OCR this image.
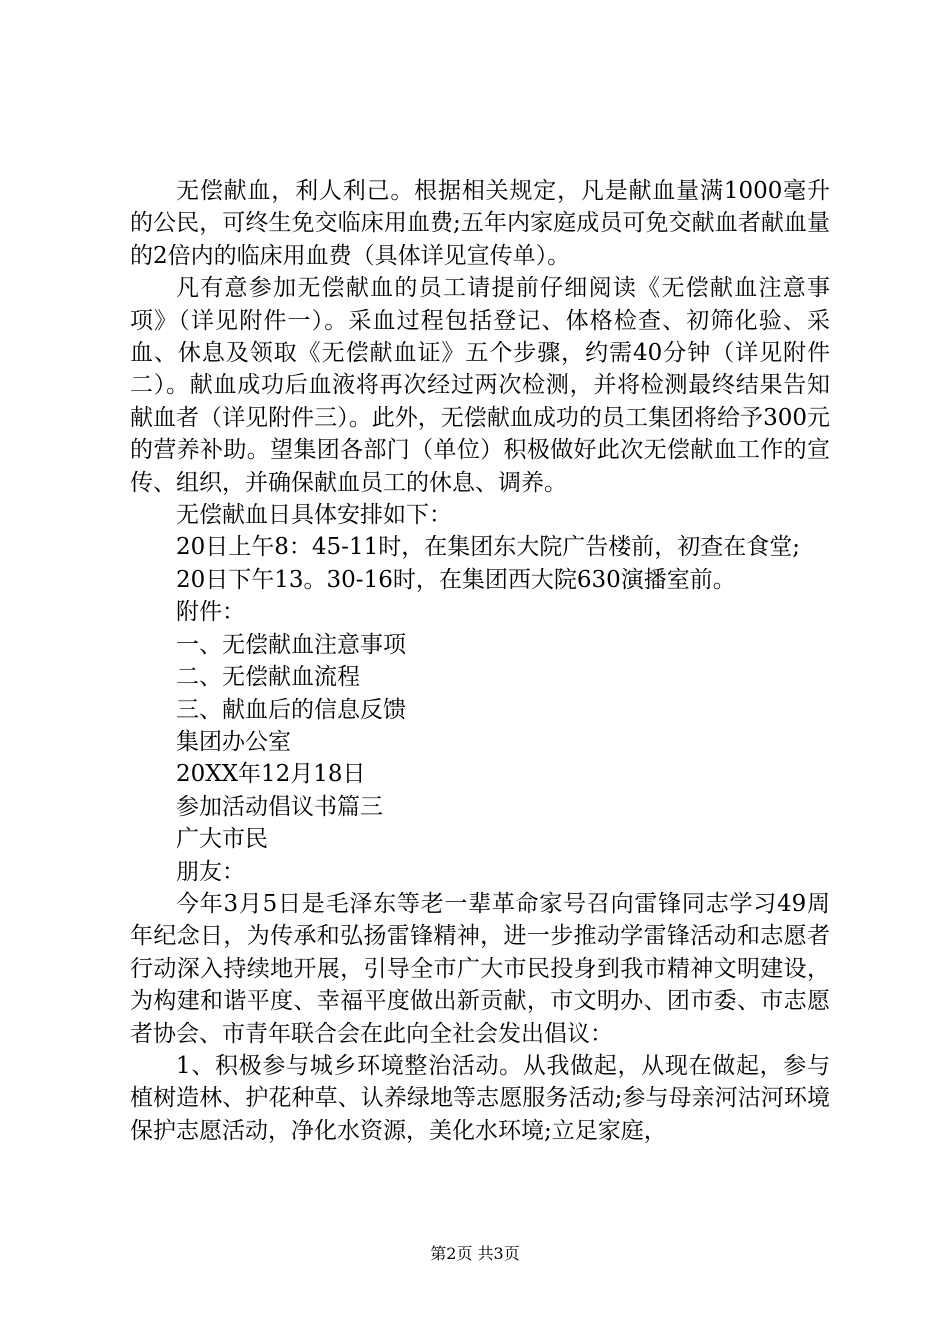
无偿献血，利人利己。根据相关规定，凡是献血量满1000毫升的公民，可终生免交临床用血费;五年内家庭成员可免交献血者献血量的2倍内的临床用血费（具体详见宣传单）。

凡有意参加无偿献血的员工请提前仔细阅读《无偿献血注意事项》（详见附件一）。采血过程包括登记、体格检查、初筛化验、采血、休息及领取《无偿献血证》五个步骤，约需40分钟（详见附件二）。献血成功后血液将再次经过两次检测，并将检测最终结果告知献血者（详见附件三）。此外，无偿献血成功的员工集团将给予300元的营养补助。望集团各部门（单位）积极做好此次无偿献血工作的宣传、组织，并确保献血员工的休息、调养。

无偿献血日具体安排如下：

20日上午8：45-11时，在集团东大院广告楼前，初查在食堂;

20日下午13。30-16时，在集团西大院630演播室前。

附件：

一、无偿献血注意事项

二、无偿献血流程

三、献血后的信息反馈

集团办公室

20XX年12月18日

参加活动倡议书篇三

广大市民

朋友：

今年3月5日是毛泽东等老一辈革命家号召向雷锋同志学习49周年纪念日，为传承和弘扬雷锋精神，进一步推动学雷锋活动和志愿者行动深入持续地开展，引导全市广大市民投身到我市精神文明建设，为构建和谐平度、幸福平度做出新贡献，市文明办、团市委、市志愿者协会、市青年联合会在此向全社会发出倡议：

1、积极参与城乡环境整治活动。从我做起，从现在做起，参与植树造林、护花种草、认养绿地等志愿服务活动;参与母亲河沽河环境保护志愿活动，净化水资源，美化水环境;立足家庭，

第2页 共3页
